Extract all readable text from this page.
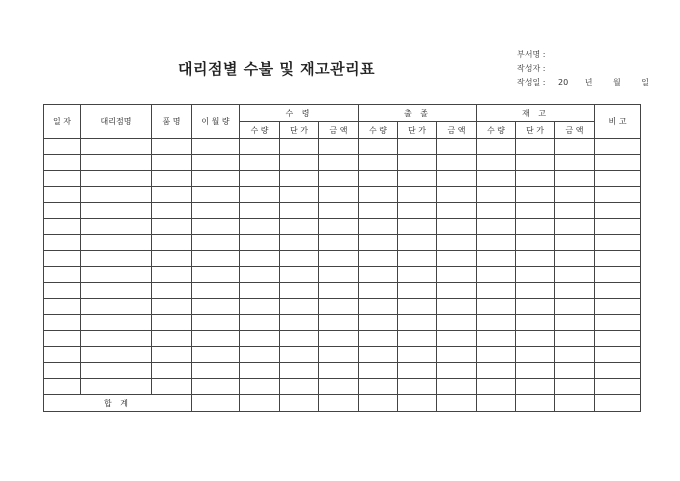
대리점별 수불 및 재고관리표
부서명 :
작성자 :
작성일 : 20 년	월	일
일 자	대리점명	품 명	이 월 량	수 령			출 졸			재 고			비 고
				수 량	단 가	금 액	수 량	단 가	금 액	수 량	단 가	금 액	

합 계													
